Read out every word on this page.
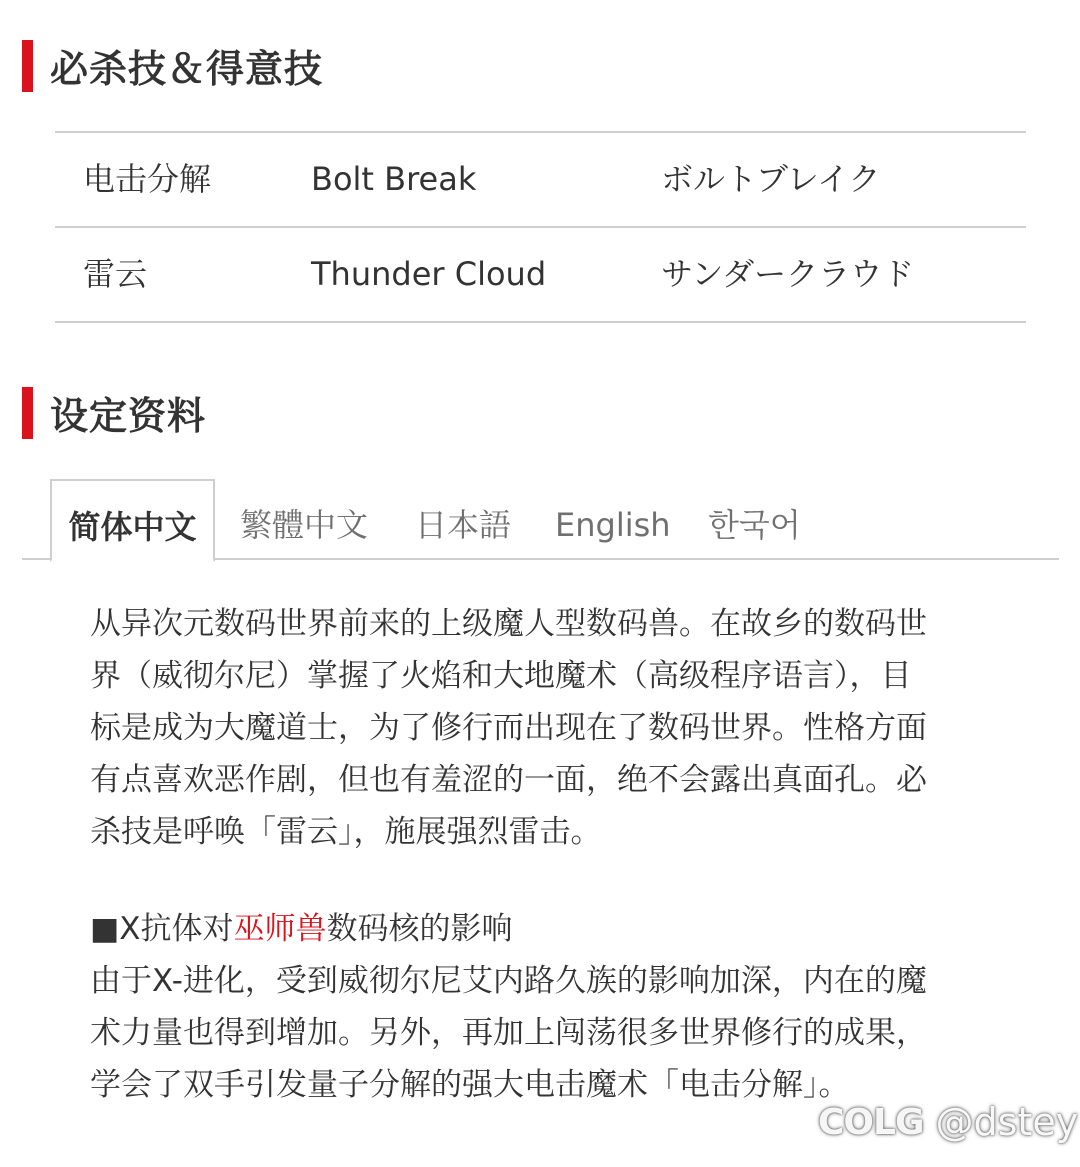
必杀技＆得意技
电击分解	Bolt Break	ボルトブレイク
雷云	Thunder Cloud	サンダークラウド
设定资料
简体中文	繁體中文 日本語 English 한국어
从异次元数码世界前来的上级魔人型数码兽。在故乡的数码世
界（威彻尔尼）掌握了火焰和大地魔术（高级程序语言），目
标是成为大魔道士，为了修行而出现在了数码世界。性格方面
有点喜欢恶作剧，但也有羞涩的一面，绝不会露出真面孔。必
杀技是呼唤「雷云」，施展强烈雷击。
■X抗体对巫师兽数码核的影响
由于X-进化，受到威彻尔尼艾内路久族的影响加深，内在的魔
术力量也得到增加。另外，再加上闯荡很多世界修行的成果，
学会了双手引发量子分解的强大电击魔术「电击分解」。
COLG @dstey
